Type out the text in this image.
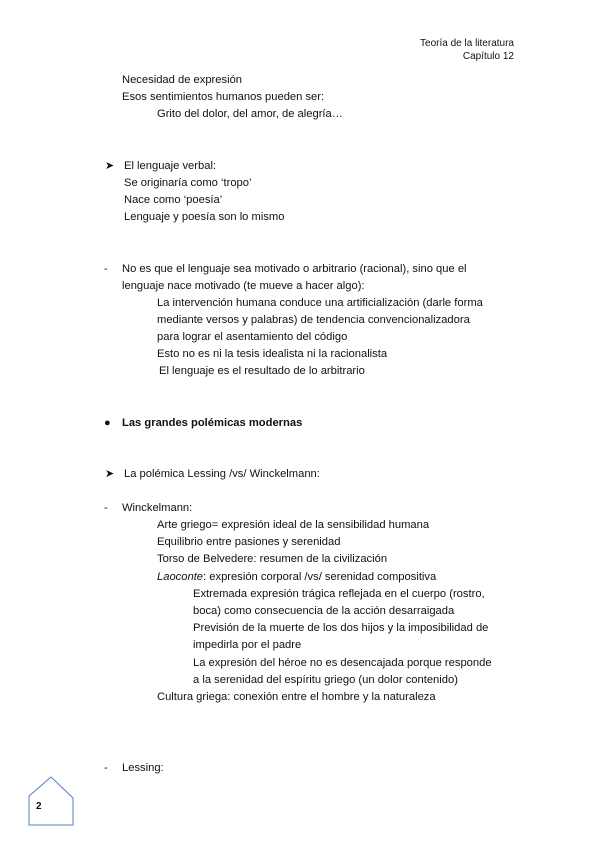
Teoría de la literatura
Capítulo 12
Necesidad de expresión
Esos sentimientos humanos pueden ser:
Grito del dolor, del amor, de alegría…
➤ El lenguaje verbal:
Se originaría como ‘tropo’
Nace como ‘poesía’
Lenguaje y poesía son lo mismo
- No es que el lenguaje sea motivado o arbitrario (racional), sino que el
lenguaje nace motivado (te mueve a hacer algo):
La intervención humana conduce una artificialización (darle forma
mediante versos y palabras) de tendencia convencionalizadora
para lograr el asentamiento del código
Esto no es ni la tesis idealista ni la racionalista
El lenguaje es el resultado de lo arbitrario
● Las grandes polémicas modernas
➤ La polémica Lessing /vs/ Winckelmann:
- Winckelmann:
Arte griego= expresión ideal de la sensibilidad humana
Equilibrio entre pasiones y serenidad
Torso de Belvedere: resumen de la civilización
Laoconte: expresión corporal /vs/ serenidad compositiva
Extremada expresión trágica reflejada en el cuerpo (rostro,
boca) como consecuencia de la acción desarraigada
Previsión de la muerte de los dos hijos y la imposibilidad de
impedirla por el padre
La expresión del héroe no es desencajada porque responde
a la serenidad del espíritu griego (un dolor contenido)
Cultura griega: conexión entre el hombre y la naturaleza
- Lessing:
2
